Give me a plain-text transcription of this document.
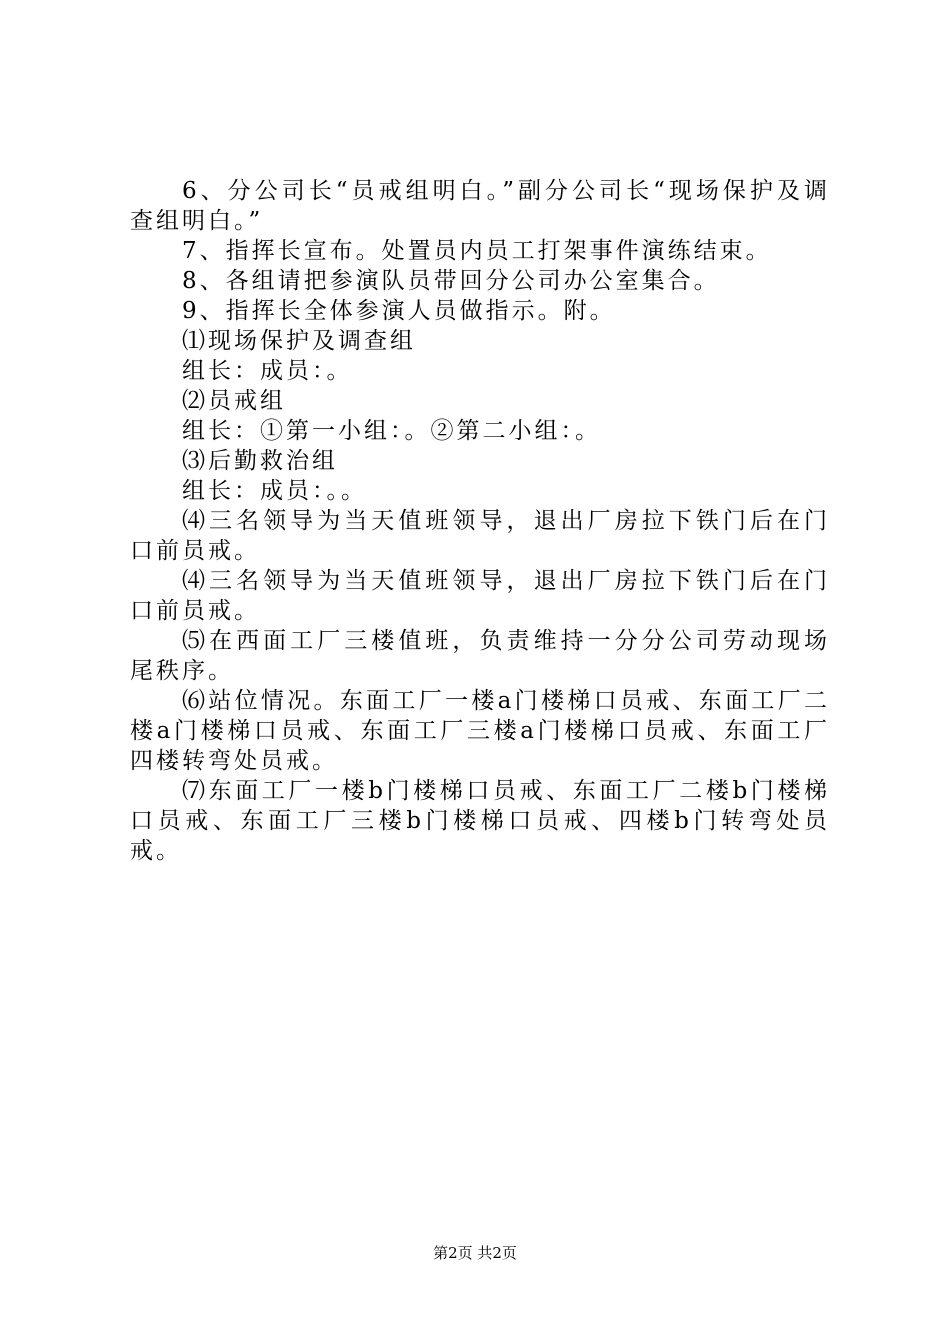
6、分公司长“员戒组明白。”副分公司长“现场保护及调查组明白。”

7、指挥长宣布。处置员内员工打架事件演练结束。

8、各组请把参演队员带回分公司办公室集合。

9、指挥长全体参演人员做指示。附。

⑴现场保护及调查组

组长：成员：。

⑵员戒组

组长：①第一小组：。②第二小组：。

⑶后勤救治组

组长：成员：。。

⑷三名领导为当天值班领导，退出厂房拉下铁门后在门口前员戒。

⑷三名领导为当天值班领导，退出厂房拉下铁门后在门口前员戒。

⑸在西面工厂三楼值班，负责维持一分分公司劳动现场尾秩序。

⑹站位情况。东面工厂一楼a门楼梯口员戒、东面工厂二楼a门楼梯口员戒、东面工厂三楼a门楼梯口员戒、东面工厂四楼转弯处员戒。

⑺东面工厂一楼b门楼梯口员戒、东面工厂二楼b门楼梯口员戒、东面工厂三楼b门楼梯口员戒、四楼b门转弯处员戒。

第2页 共2页
